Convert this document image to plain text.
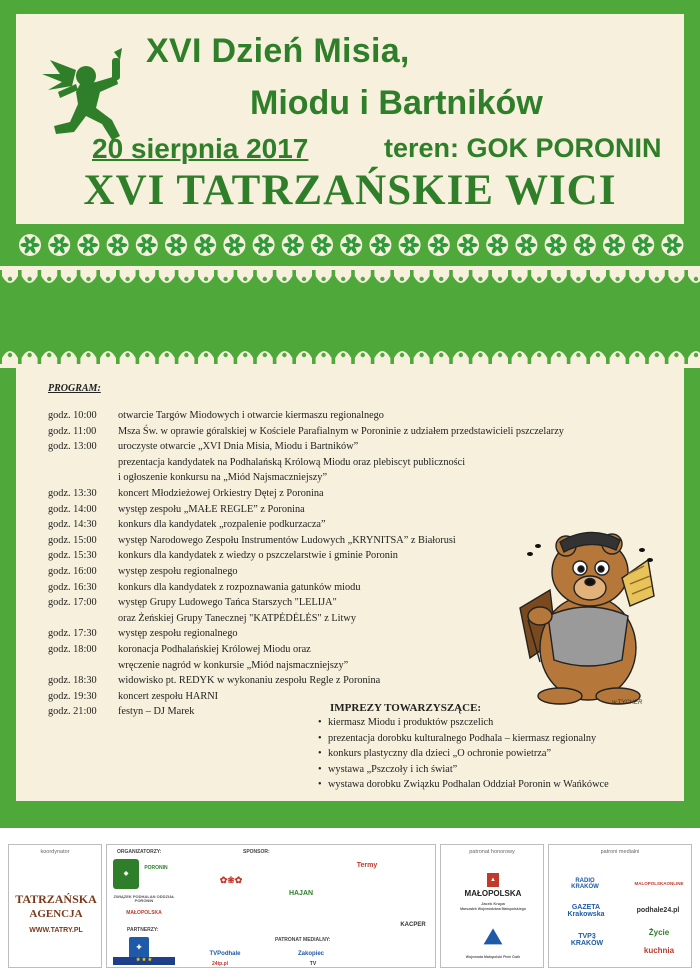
XVI Dzień Misia,
Miodu i Bartników
20 sierpnia 2017	teren: GOK PORONIN
XVI TATRZAŃSKIE WICI
PROGRAM:
godz. 10:00	otwarcie Targów Miodowych i otwarcie kiermaszu regionalnego
godz. 11:00	Msza Św. w oprawie góralskiej w Kościele Parafialnym w Poroninie z udziałem przedstawicieli pszczelarzy
godz. 13:00	uroczyste otwarcie „XVI Dnia Misia, Miodu i Bartników”
prezentacja kandydatek na Podhalańską Królową Miodu oraz plebiscyt publiczności
i ogłoszenie konkursu na „Miód Najsmaczniejszy”
godz. 13:30	koncert Młodzieżowej Orkiestry Dętej z Poronina
godz. 14:00	występ zespołu „MAŁE REGLE” z Poronina
godz. 14:30	konkurs dla kandydatek „rozpalenie podkurzacza”
godz. 15:00	występ Narodowego Zespołu Instrumentów Ludowych „KRYNITSA” z Białorusi
godz. 15:30	konkurs dla kandydatek z wiedzy o pszczelarstwie i gminie Poronin
godz. 16:00	występ zespołu regionalnego
godz. 16:30	konkurs dla kandydatek z rozpoznawania gatunków miodu
godz. 17:00	występ Grupy Ludowego Tańca Starszych "LELIJA"
oraz Żeńskiej Grupy Tanecznej "KATPĖDĖLĖS" z Litwy
godz. 17:30	występ zespołu regionalnego
godz. 18:00	koronacja Podhalańskiej Królowej Miodu oraz
wręczenie nagród w konkursie „Miód najsmaczniejszy”
godz. 18:30	widowisko pt. REDYK w wykonaniu zespołu Regle z Poronina
godz. 19:30	koncert zespołu HARNI
godz. 21:00	festyn – DJ Marek
w.TYCHER
IMPREZY TOWARZYSZĄCE:
• kiermasz Miodu i produktów pszczelich
• prezentacja dorobku kulturalnego Podhala – kiermasz regionalny
• konkurs plastyczny dla dzieci „O ochronie powietrza”
• wystawa „Pszczoły i ich świat”
• wystawa dorobku Związku Podhalan Oddział Poronin w Wańkówce
koordynator
TATRZAŃSKA
AGENCJA
WWW.TATRY.PL
ORGANIZATORZY:
◆
PORONIN
ZWIĄZEK PODHALAN ODDZIAŁ PORONIN
MAŁOPOLSKA
PARTNERZY:
✚
★ ★ ★
SPONSOR:
✿❀✿
HAJAN
Termy
KACPER
PATRONAT MEDIALNY:
TVPodhale	Zakopiec
24tp.pl	TV
patronat honorowy
▲
MAŁOPOLSKA
Jacek Krupa
Marszałek Województwa Małopolskiego
⛰
Wojewoda Małopolski Piotr Ćwik
patroni medialni
RADIO KRAKÓW
MALOPOLSKAONLINE
GAZETA Krakowska
podhale24.pl
TVP3 KRAKÓW
Życie
kuchnia
